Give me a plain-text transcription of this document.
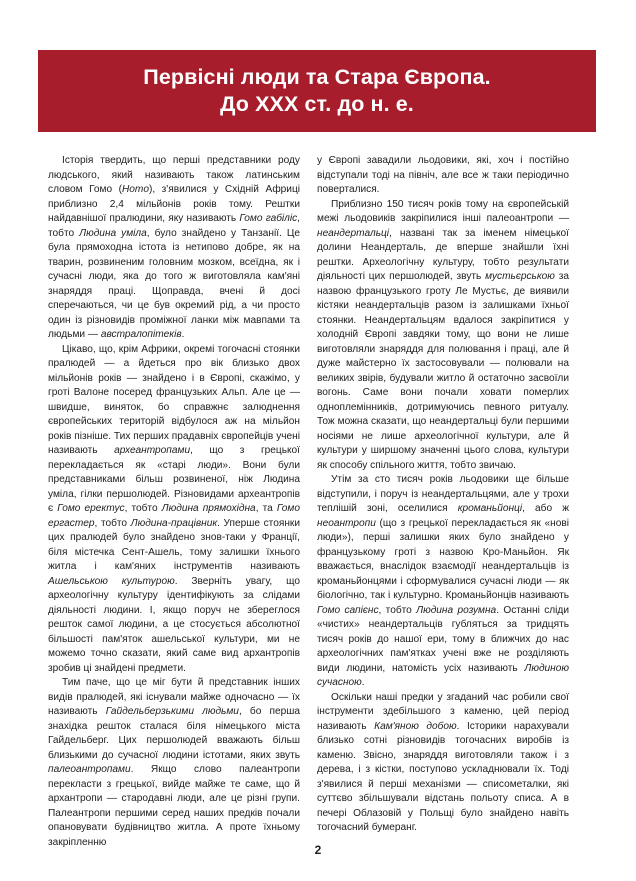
Первісні люди та Стара Європа.
До XXX ст. до н. е.

Історія твердить, що перші представники роду людського, який називають також латинським словом Гомо (Homo), з'явилися у Східній Африці приблизно 2,4 мільйонів років тому. Рештки найдавнішої пралюдини, яку називають Гомо габіліс, тобто Людина уміла, було знайдено у Танзанії. Це була прямоходна істота із нетипово добре, як на тварин, розвиненим головним мозком, всеїдна, як і сучасні люди, яка до того ж виготовляла кам'яні знаряддя праці. Щоправда, вчені й досі сперечаються, чи це був окремий рід, а чи просто один із різновидів проміжної ланки між мавпами та людьми — австралопітеків.

Цікаво, що, крім Африки, окремі тогочасні стоянки пралюдей — а йдеться про вік близько двох мільйонів років — знайдено і в Європі, скажімо, у гроті Валоне посеред французьких Альп. Але це — швидше, виняток, бо справжнє залюднення європейських територій відбулося аж на мільйон років пізніше. Тих перших прадавніх європейців учені називають археантропами, що з грецької перекладається як «старі люди». Вони були представниками більш розвиненої, ніж Людина уміла, гілки першолюдей. Різновидами археантропів є Гомо еректус, тобто Людина прямохідна, та Гомо ергастер, тобто Людина-працівник. Уперше стоянки цих пралюдей було знайдено знов-таки у Франції, біля містечка Сент-Ашель, тому залишки їхнього житла і кам'яних інструментів називають Ашельською культурою. Зверніть увагу, що археологічну культуру ідентифікують за слідами діяльності людини. І, якщо поруч не збереглося решток самої людини, а це стосується абсолютної більшості пам'яток ашельської культури, ми не можемо точно сказати, який саме вид архантропів зробив ці знайдені предмети.

Тим паче, що це міг бути й представник інших видів пралюдей, які існували майже одночасно — їх називають Гайдельберзькими людьми, бо перша знахідка решток сталася біля німецького міста Гайдельберг. Цих першолюдей вважають більш близькими до сучасної людини істотами, яких звуть палеоантропами. Якщо слово палеантропи перекласти з грецької, вийде майже те саме, що й архантропи — стародавні люди, але це різні групи. Палеантропи першими серед наших предків почали опановувати будівництво житла. А проте їхньому закріпленню

у Європі завадили льодовики, які, хоч і постійно відступали тоді на північ, але все ж таки періодично поверталися.

Приблизно 150 тисяч років тому на європейській межі льодовиків закріпилися інші палеоантропи — неандертальці, названі так за іменем німецької долини Неандерталь, де вперше знайшли їхні рештки. Археологічну культуру, тобто результати діяльності цих першолюдей, звуть мустьєрською за назвою французького гроту Ле Мустьє, де виявили кістяки неандертальців разом із залишками їхньої стоянки. Неандертальцям вдалося закріпитися у холодній Європі завдяки тому, що вони не лише виготовляли знаряддя для полювання і праці, але й дуже майстерно їх застосовували — полювали на великих звірів, будували житло й остаточно засвоїли вогонь. Саме вони почали ховати померлих одноплемінників, дотримуючись певного ритуалу. Тож можна сказати, що неандертальці були першими носіями не лише археологічної культури, але й культури у ширшому значенні цього слова, культури як способу спільного життя, тобто звичаю.

Утім за сто тисяч років льодовики ще більше відступили, і поруч із неандертальцями, але у трохи теплішій зоні, оселилися кроманьйонці, або ж неоантропи (що з грецької перекладається як «нові люди»), перші залишки яких було знайдено у французькому гроті з назвою Кро-Маньйон. Як вважається, внаслідок взаємодії неандертальців із кроманьйонцями і сформувалися сучасні люди — як біологічно, так і культурно. Кроманьйонців називають Гомо сапієнс, тобто Людина розумна. Останні сліди «чистих» неандертальців губляться за тридцять тисяч років до нашої ери, тому в ближчих до нас археологічних пам'ятках учені вже не розділяють види людини, натомість усіх називають Людиною сучасною.

Оскільки наші предки у згаданий час робили свої інструменти здебільшого з каменю, цей період називають Кам'яною добою. Історики нарахували близько сотні різновидів тогочасних виробів із каменю. Звісно, знаряддя виготовляли також і з дерева, і з кістки, поступово ускладнювали їх. Тоді з'явилися й перші механізми — списометалки, які суттєво збільшували відстань польоту списа. А в печері Облазовій у Польщі було знайдено навіть тогочасний бумеранг.

2
